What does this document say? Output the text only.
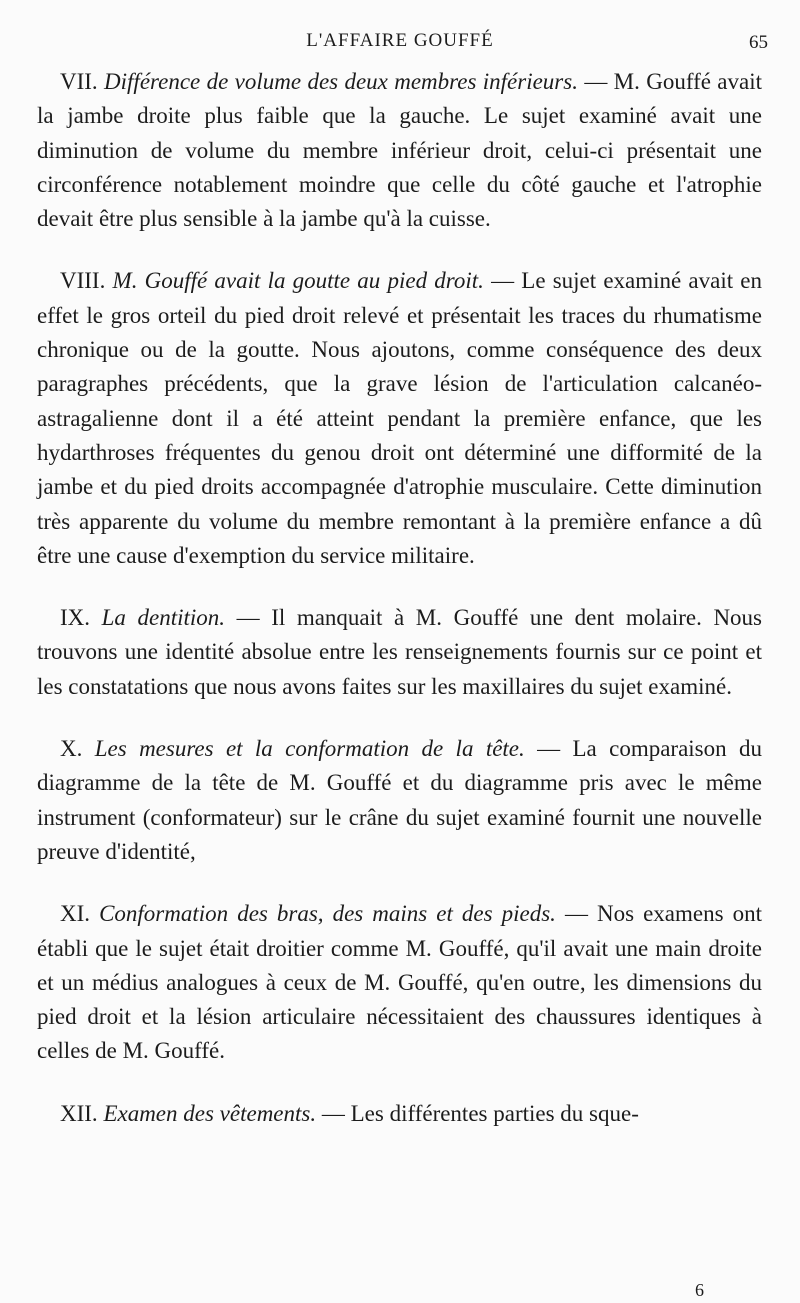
L'AFFAIRE GOUFFÉ	65

VII. Différence de volume des deux membres inférieurs. — M. Gouffé avait la jambe droite plus faible que la gauche. Le sujet examiné avait une diminution de volume du membre inférieur droit, celui-ci présentait une circonférence notablement moindre que celle du côté gauche et l'atrophie devait être plus sensible à la jambe qu'à la cuisse.

VIII. M. Gouffé avait la goutte au pied droit. — Le sujet examiné avait en effet le gros orteil du pied droit relevé et présentait les traces du rhumatisme chronique ou de la goutte. Nous ajoutons, comme conséquence des deux paragraphes précédents, que la grave lésion de l'articulation calcanéo-astragalienne dont il a été atteint pendant la première enfance, que les hydarthroses fréquentes du genou droit ont déterminé une difformité de la jambe et du pied droits accompagnée d'atrophie musculaire. Cette diminution très apparente du volume du membre remontant à la première enfance a dû être une cause d'exemption du service militaire.

IX. La dentition. — Il manquait à M. Gouffé une dent molaire. Nous trouvons une identité absolue entre les renseignements fournis sur ce point et les constatations que nous avons faites sur les maxillaires du sujet examiné.

X. Les mesures et la conformation de la tête. — La comparaison du diagramme de la tête de M. Gouffé et du diagramme pris avec le même instrument (conformateur) sur le crâne du sujet examiné fournit une nouvelle preuve d'identité,

XI. Conformation des bras, des mains et des pieds. — Nos examens ont établi que le sujet était droitier comme M. Gouffé, qu'il avait une main droite et un médius analogues à ceux de M. Gouffé, qu'en outre, les dimensions du pied droit et la lésion articulaire nécessitaient des chaussures identiques à celles de M. Gouffé.

XII. Examen des vêtements. — Les différentes parties du sque-

6
